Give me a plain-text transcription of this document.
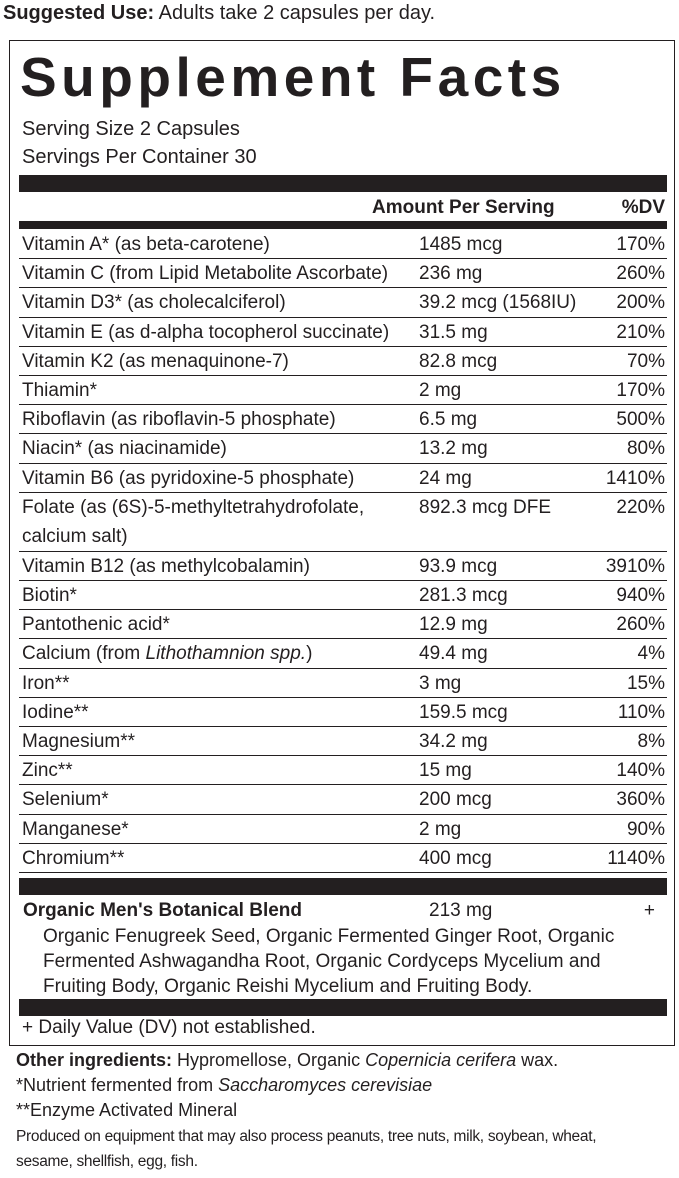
Suggested Use: Adults take 2 capsules per day.
Supplement Facts
Serving Size 2 Capsules
Servings Per Container 30
Amount Per Serving	%DV
Vitamin A* (as beta-carotene)	1485 mcg	170%
Vitamin C (from Lipid Metabolite Ascorbate) 236 mg	260%
Vitamin D3* (as cholecalciferol)	39.2 mcg (1568IU) 200%
Vitamin E (as d-alpha tocopherol succinate) 31.5 mg	210%
Vitamin K2 (as menaquinone-7)	82.8 mcg	70%
Thiamin*	2 mg	170%
Riboflavin (as riboflavin-5 phosphate)	6.5 mg	500%
Niacin* (as niacinamide)	13.2 mg	80%
Vitamin B6 (as pyridoxine-5 phosphate)	24 mg	1410%
Folate (as (6S)-5-methyltetrahydrofolate, calcium salt)
892.3 mcg DFE	220%
Vitamin B12 (as methylcobalamin)	93.9 mcg	3910%
Biotin*	281.3 mcg	940%
Pantothenic acid*	12.9 mg	260%
Calcium (from Lithothamnion spp.)	49.4 mg	4%
Iron**	3 mg	15%
Iodine**	159.5 mcg	110%
Magnesium**	34.2 mg	8%
Zinc**	15 mg	140%
Selenium*	200 mcg	360%
Manganese*	2 mg	90%
Chromium**	400 mcg	1140%
Organic Men's Botanical Blend	213 mg	+
Organic Fenugreek Seed, Organic Fermented Ginger Root, Organic Fermented Ashwagandha Root, Organic Cordyceps Mycelium and Fruiting Body, Organic Reishi Mycelium and Fruiting Body.
+ Daily Value (DV) not established.
Other ingredients: Hypromellose, Organic Copernicia cerifera wax.
*Nutrient fermented from Saccharomyces cerevisiae
**Enzyme Activated Mineral
Produced on equipment that may also process peanuts, tree nuts, milk, soybean, wheat,
sesame, shellfish, egg, fish.
